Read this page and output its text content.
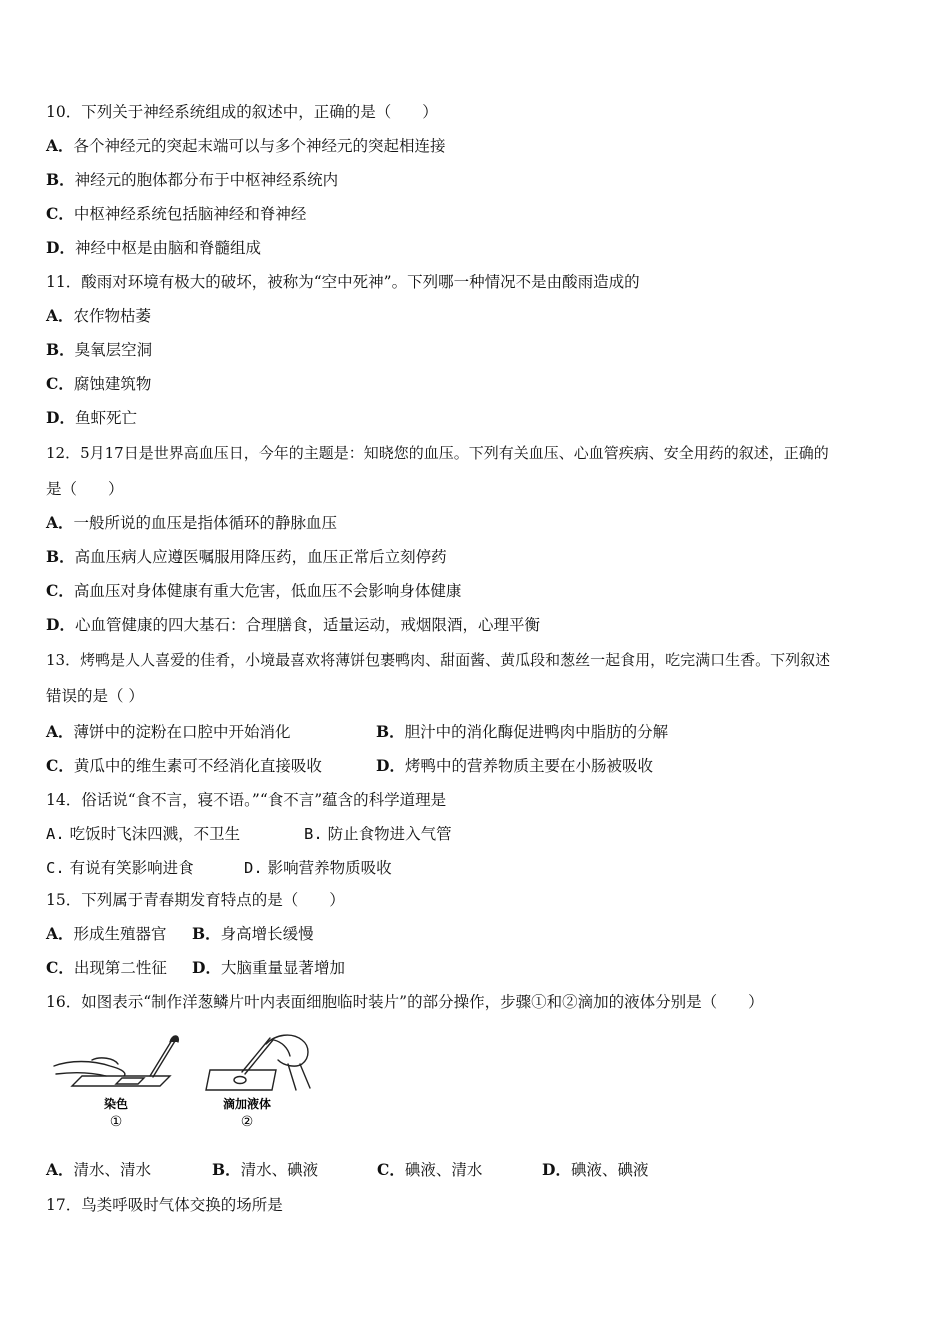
10．下列关于神经系统组成的叙述中，正确的是（　　）
A．各个神经元的突起末端可以与多个神经元的突起相连接
B．神经元的胞体都分布于中枢神经系统内
C．中枢神经系统包括脑神经和脊神经
D．神经中枢是由脑和脊髓组成
11．酸雨对环境有极大的破坏，被称为“空中死神”。下列哪一种情况不是由酸雨造成的
A．农作物枯萎
B．臭氧层空洞
C．腐蚀建筑物
D．鱼虾死亡
12．5月17日是世界高血压日，今年的主题是：知晓您的血压。下列有关血压、心血管疾病、安全用药的叙述，正确的
是（　　）
A．一般所说的血压是指体循环的静脉血压
B．高血压病人应遵医嘱服用降压药，血压正常后立刻停药
C．高血压对身体健康有重大危害，低血压不会影响身体健康
D．心血管健康的四大基石：合理膳食，适量运动，戒烟限酒，心理平衡
13．烤鸭是人人喜爱的佳肴，小境最喜欢将薄饼包裹鸭肉、甜面酱、黄瓜段和葱丝一起食用，吃完满口生香。下列叙述
错误的是（ ）
A．薄饼中的淀粉在口腔中开始消化	B．胆汁中的消化酶促进鸭肉中脂肪的分解
C．黄瓜中的维生素可不经消化直接吸收	D．烤鸭中的营养物质主要在小肠被吸收
14．俗话说“食不言，寝不语。”“食不言”蕴含的科学道理是
A. 吃饭时飞沫四溅，不卫生	B. 防止食物进入气管
C. 有说有笑影响进食	D. 影响营养物质吸收
15．下列属于青春期发育特点的是（　　）
A．形成生殖器官 B．身高增长缓慢
C．出现第二性征 D．大脑重量显著增加
16．如图表示“制作洋葱鳞片叶内表面细胞临时装片”的部分操作，步骤①和②滴加的液体分别是（　　）
染色
①
滴加液体
②
A．清水、清水	B．清水、碘液	C．碘液、清水	D．碘液、碘液
17．鸟类呼吸时气体交换的场所是
